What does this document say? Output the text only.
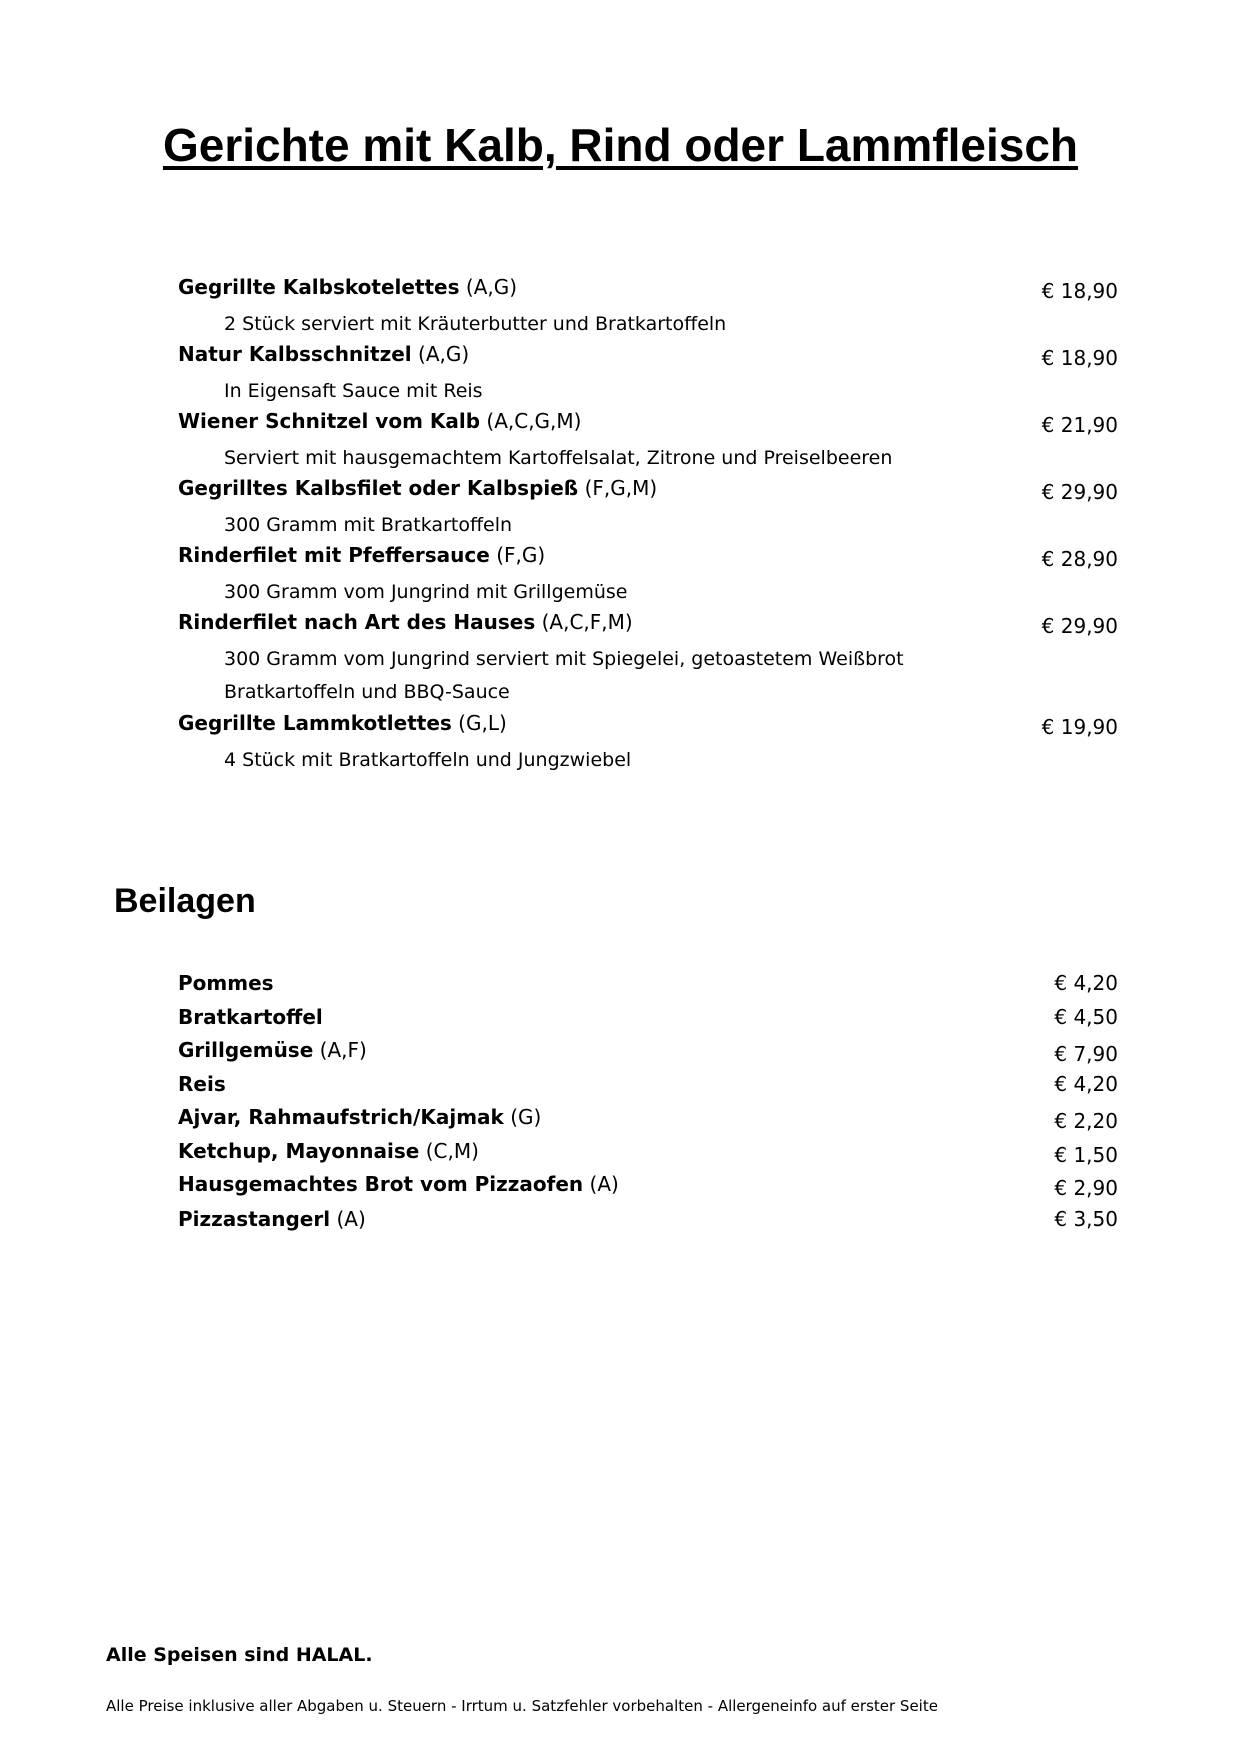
Gerichte mit Kalb, Rind oder Lammfleisch
Gegrillte Kalbskotelettes (A,G)	€ 18,90
2 Stück serviert mit Kräuterbutter und Bratkartoffeln
Natur Kalbsschnitzel (A,G)	€ 18,90
In Eigensaft Sauce mit Reis
Wiener Schnitzel vom Kalb (A,C,G,M)	€ 21,90
Serviert mit hausgemachtem Kartoffelsalat, Zitrone und Preiselbeeren
Gegrilltes Kalbsfilet oder Kalbspieß (F,G,M)	€ 29,90
300 Gramm mit Bratkartoffeln
Rinderfilet mit Pfeffersauce (F,G)	€ 28,90
300 Gramm vom Jungrind mit Grillgemüse
Rinderfilet nach Art des Hauses (A,C,F,M)	€ 29,90
300 Gramm vom Jungrind serviert mit Spiegelei, getoastetem Weißbrot
Bratkartoffeln und BBQ-Sauce
Gegrillte Lammkotlettes (G,L)	€ 19,90
4 Stück mit Bratkartoffeln und Jungzwiebel
Beilagen
Pommes	€ 4,20
Bratkartoffel	€ 4,50
Grillgemüse (A,F)	€ 7,90
Reis	€ 4,20
Ajvar, Rahmaufstrich/Kajmak (G)	€ 2,20
Ketchup, Mayonnaise (C,M)	€ 1,50
Hausgemachtes Brot vom Pizzaofen (A)	€ 2,90
Pizzastangerl (A)	€ 3,50
Alle Speisen sind HALAL.
Alle Preise inklusive aller Abgaben u. Steuern - Irrtum u. Satzfehler vorbehalten - Allergeneinfo auf erster Seite
